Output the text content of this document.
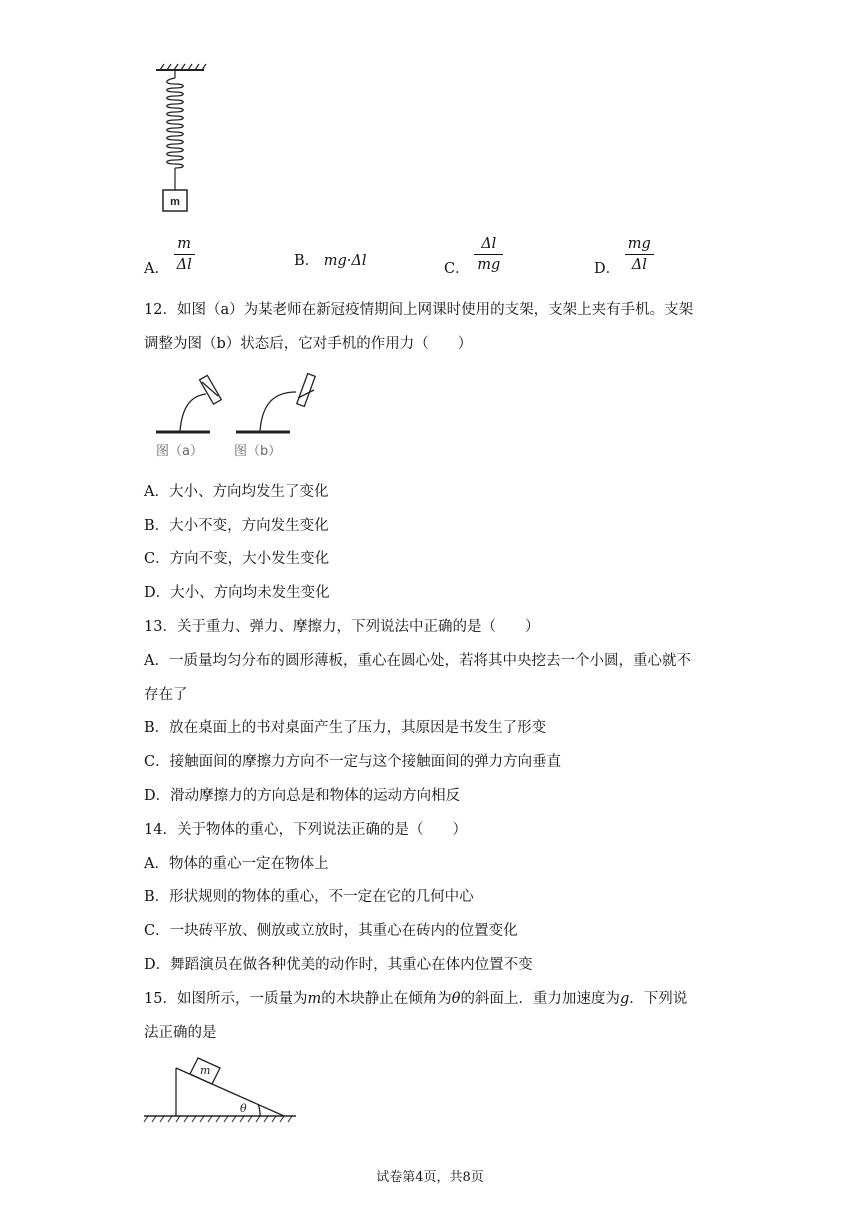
m
A． $\frac{m}{\Delta l}$	B． mg·Δl	C． $\frac{\Delta l}{mg}$	D． $\frac{mg}{\Delta l}$
12．如图（a）为某老师在新冠疫情期间上网课时使用的支架，支架上夹有手机。支架
调整为图（b）状态后，它对手机的作用力（　　）
图（a） 图（b）
A．大小、方向均发生了变化
B．大小不变，方向发生变化
C．方向不变，大小发生变化
D．大小、方向均未发生变化
13．关于重力、弹力、摩擦力，下列说法中正确的是（　　）
A．一质量均匀分布的圆形薄板，重心在圆心处，若将其中央挖去一个小圆，重心就不
存在了
B．放在桌面上的书对桌面产生了压力，其原因是书发生了形变
C．接触面间的摩擦力方向不一定与这个接触面间的弹力方向垂直
D．滑动摩擦力的方向总是和物体的运动方向相反
14．关于物体的重心，下列说法正确的是（　　）
A．物体的重心一定在物体上
B．形状规则的物体的重心，不一定在它的几何中心
C．一块砖平放、侧放或立放时，其重心在砖内的位置变化
D．舞蹈演员在做各种优美的动作时，其重心在体内位置不变
15．如图所示，一质量为m的木块静止在倾角为θ的斜面上．重力加速度为g．下列说
法正确的是
m
θ
试卷第4页，共8页
